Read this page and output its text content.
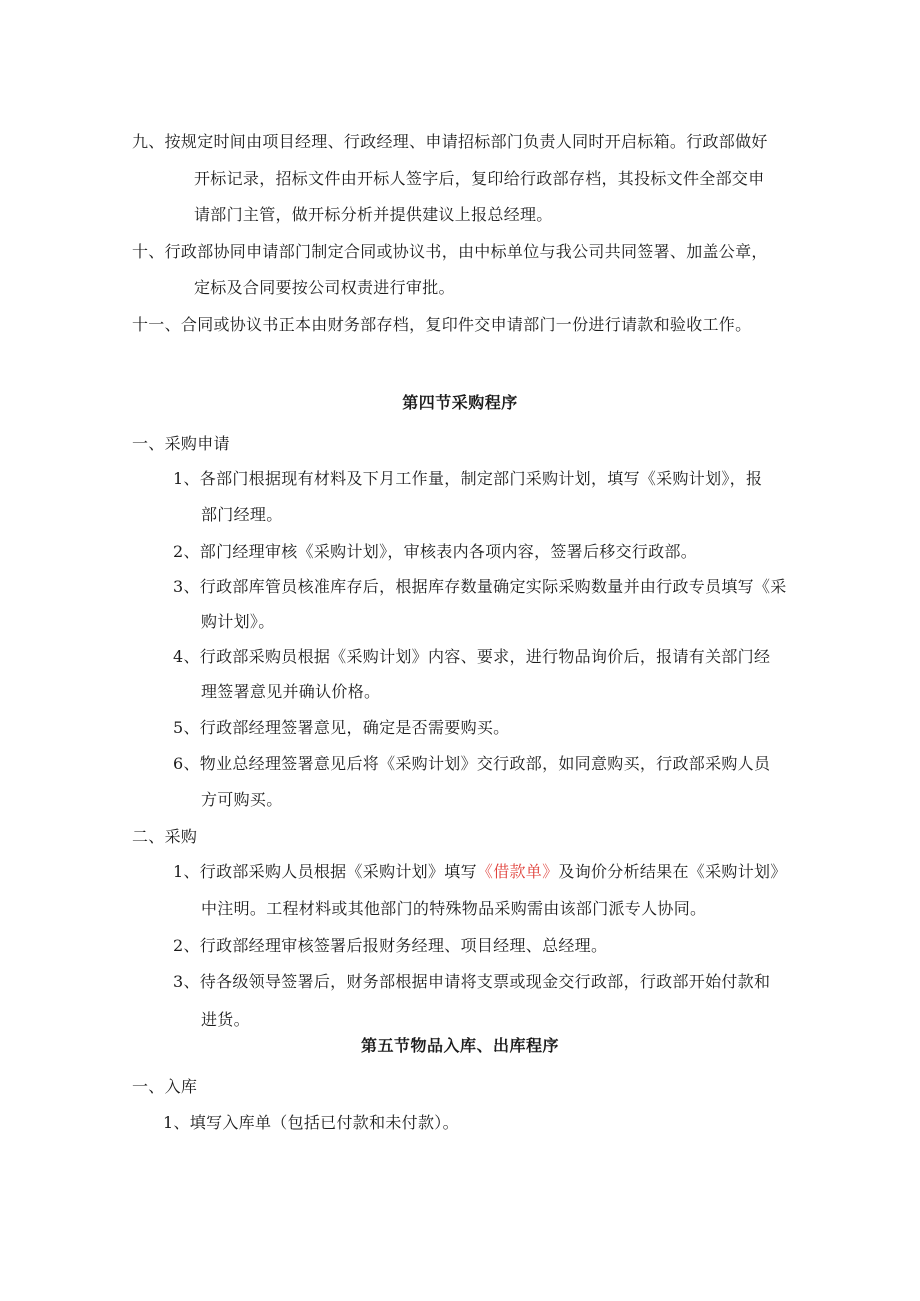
九、按规定时间由项目经理、行政经理、申请招标部门负责人同时开启标箱。行政部做好
开标记录，招标文件由开标人签字后，复印给行政部存档，其投标文件全部交申
请部门主管，做开标分析并提供建议上报总经理。
十、行政部协同申请部门制定合同或协议书，由中标单位与我公司共同签署、加盖公章，
定标及合同要按公司权责进行审批。
十一、合同或协议书正本由财务部存档，复印件交申请部门一份进行请款和验收工作。
第四节采购程序
一、采购申请
1、各部门根据现有材料及下月工作量，制定部门采购计划，填写《采购计划》，报
部门经理。
2、部门经理审核《采购计划》，审核表内各项内容，签署后移交行政部。
3、行政部库管员核准库存后，根据库存数量确定实际采购数量并由行政专员填写《采
购计划》。
4、行政部采购员根据《采购计划》内容、要求，进行物品询价后，报请有关部门经
理签署意见并确认价格。
5、行政部经理签署意见，确定是否需要购买。
6、物业总经理签署意见后将《采购计划》交行政部，如同意购买，行政部采购人员
方可购买。
二、采购
1、行政部采购人员根据《采购计划》填写《借款单》及询价分析结果在《采购计划》
中注明。工程材料或其他部门的特殊物品采购需由该部门派专人协同。
2、行政部经理审核签署后报财务经理、项目经理、总经理。
3、待各级领导签署后，财务部根据申请将支票或现金交行政部，行政部开始付款和
进货。
第五节物品入库、出库程序
一、入库
1、填写入库单（包括已付款和未付款）。
